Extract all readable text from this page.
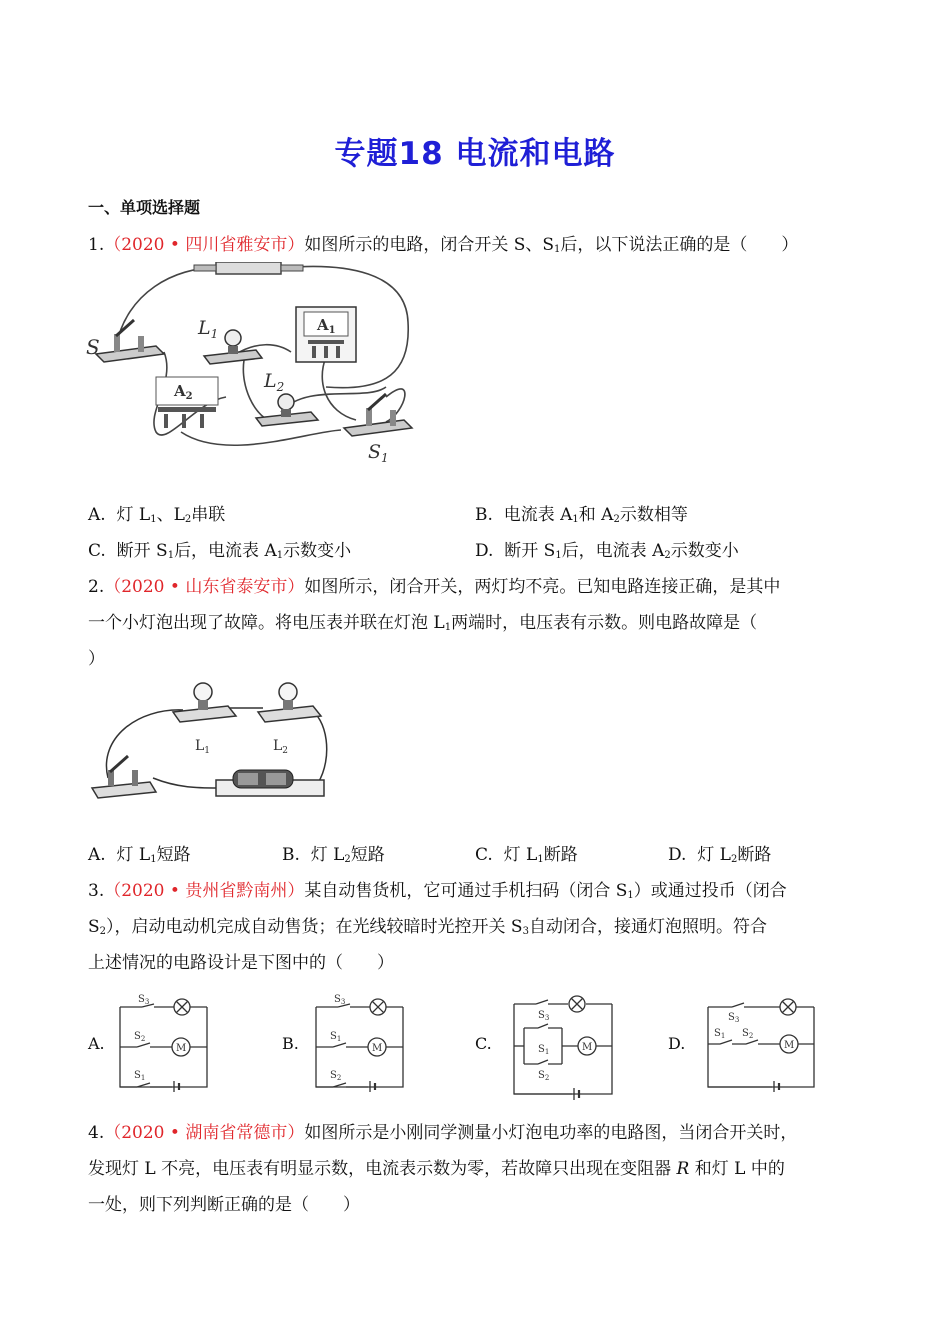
专题18 电流和电路
一、单项选择题
1.（2020 • 四川省雅安市）如图所示的电路，闭合开关 S、$S_1$后，以下说法正确的是（　　）
S
$L_1$
$L_2$
$A_1$
$A_2$
$S_1$
A. 灯 $L_1$、$L_2$串联	B. 电流表 $A_1$和 $A_2$示数相等
C. 断开 $S_1$后，电流表 $A_1$示数变小	D. 断开 $S_1$后，电流表 $A_2$示数变小
2.（2020 • 山东省泰安市）如图所示，闭合开关，两灯均不亮。已知电路连接正确，是其中
一个小灯泡出现了故障。将电压表并联在灯泡 $L_1$两端时，电压表有示数。则电路故障是（
）
$L_1$	$L_2$
A. 灯 $L_1$短路	B. 灯 $L_2$短路	C. 灯 $L_1$断路	D. 灯 $L_2$断路
3.（2020 • 贵州省黔南州）某自动售货机，它可通过手机扫码（闭合 $S_1$）或通过投币（闭合
$S_2$），启动电动机完成自动售货；在光线较暗时光控开关 $S_3$自动闭合，接通灯泡照明。符合
上述情况的电路设计是下图中的（　　）
A.	B.	C.	D.
$S_3$
$S_2$
$S_1$
M
$S_3$
$S_1$
$S_2$
M
$S_3$
$S_1$
$S_2$
M
$S_3$
$S_1$ $S_2$
M
4.（2020 • 湖南省常德市）如图所示是小刚同学测量小灯泡电功率的电路图，当闭合开关时，
发现灯 L 不亮，电压表有明显示数，电流表示数为零，若故障只出现在变阻器 R 和灯 L 中的
一处，则下列判断正确的是（　　）
